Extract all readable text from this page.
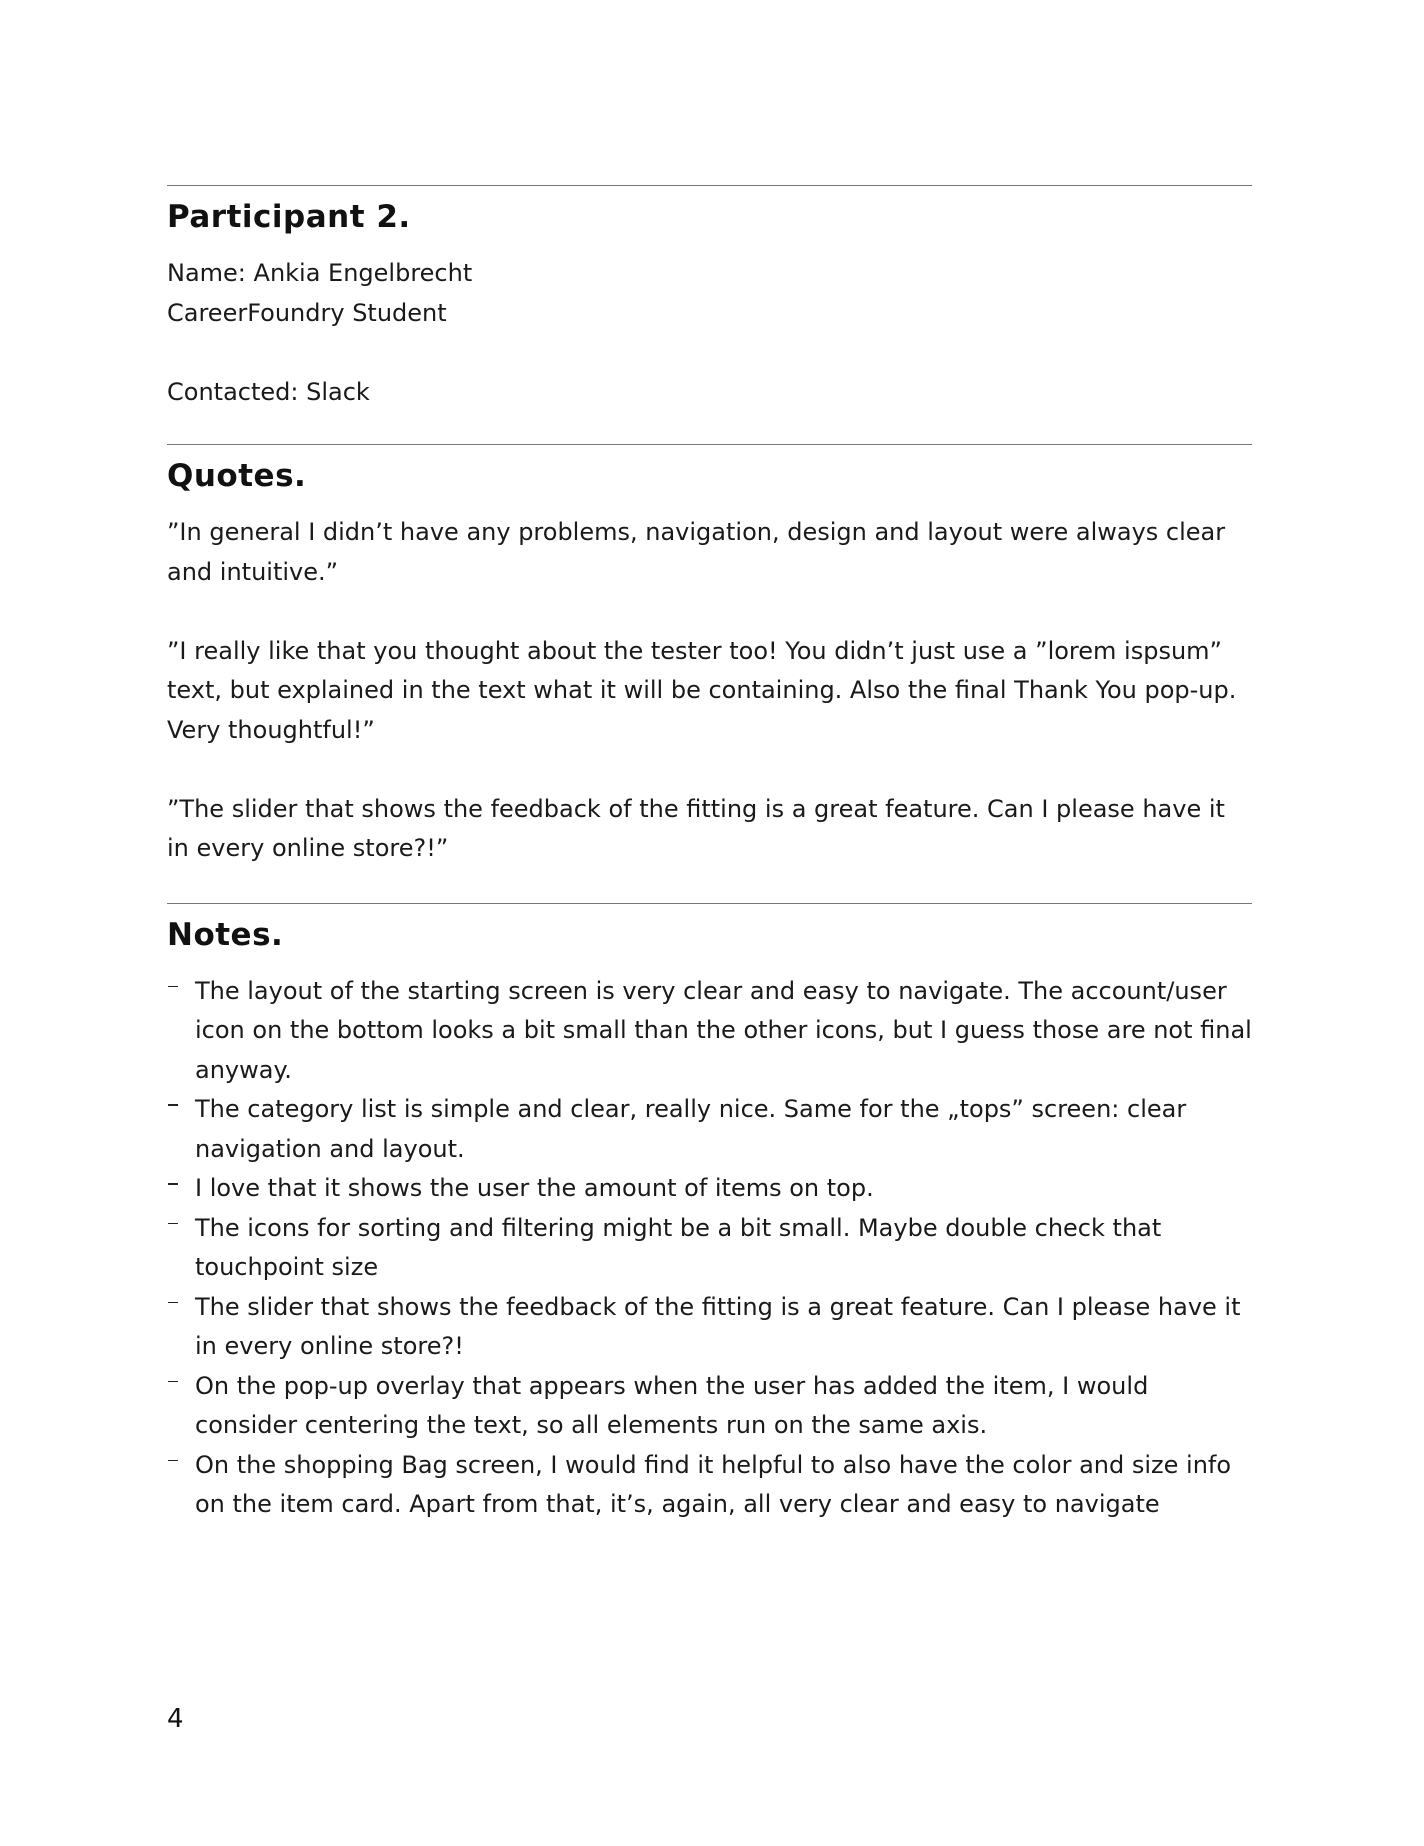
Participant 2.

Name: Ankia Engelbrecht

CareerFoundry Student

Contacted: Slack

Quotes.

”In general I didn’t have any problems, navigation, design and layout were always clear and intuitive.”

”I really like that you thought about the tester too! You didn’t just use a ”lorem ispsum” text, but explained in the text what it will be containing. Also the final Thank You pop-up. Very thoughtful!”

”The slider that shows the feedback of the fitting is a great feature. Can I please have it in every online store?!”

Notes.
The layout of the starting screen is very clear and easy to navigate. The account/user icon on the bottom looks a bit small than the other icons, but I guess those are not final anyway.
The category list is simple and clear, really nice. Same for the „tops” screen: clear navigation and layout.
I love that it shows the user the amount of items on top.
The icons for sorting and filtering might be a bit small. Maybe double check that touchpoint size
The slider that shows the feedback of the fitting is a great feature. Can I please have it in every online store?!
On the pop-up overlay that appears when the user has added the item, I would consider centering the text, so all elements run on the same axis.
On the shopping Bag screen, I would find it helpful to also have the color and size info on the item card. Apart from that, it’s, again, all very clear and easy to navigate
4
